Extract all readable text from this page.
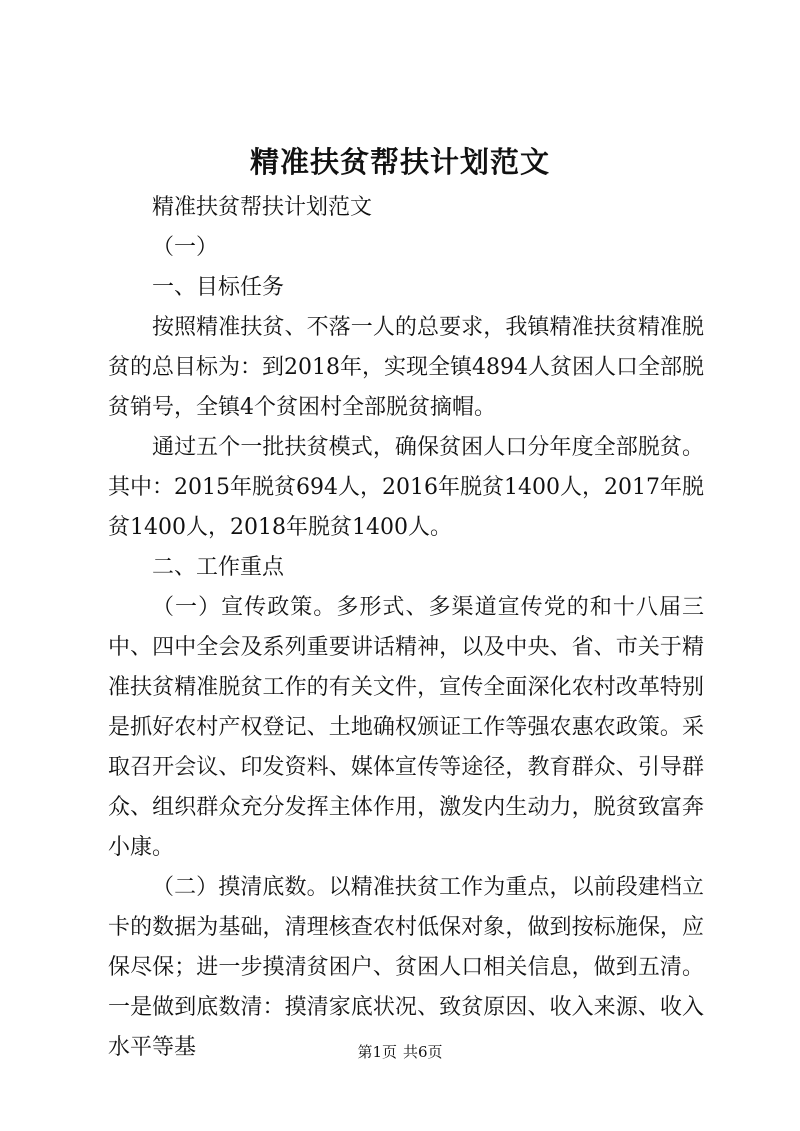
精准扶贫帮扶计划范文

精准扶贫帮扶计划范文

（一）

一、目标任务

按照精准扶贫、不落一人的总要求，我镇精准扶贫精准脱贫的总目标为：到2018年，实现全镇4894人贫困人口全部脱贫销号，全镇4个贫困村全部脱贫摘帽。

通过五个一批扶贫模式，确保贫困人口分年度全部脱贫。其中：2015年脱贫694人，2016年脱贫1400人，2017年脱贫1400人，2018年脱贫1400人。

二、工作重点

（一）宣传政策。多形式、多渠道宣传党的和十八届三中、四中全会及系列重要讲话精神，以及中央、省、市关于精准扶贫精准脱贫工作的有关文件，宣传全面深化农村改革特别是抓好农村产权登记、土地确权颁证工作等强农惠农政策。采取召开会议、印发资料、媒体宣传等途径，教育群众、引导群众、组织群众充分发挥主体作用，激发内生动力，脱贫致富奔小康。

（二）摸清底数。以精准扶贫工作为重点，以前段建档立卡的数据为基础，清理核查农村低保对象，做到按标施保，应保尽保；进一步摸清贫困户、贫困人口相关信息，做到五清。一是做到底数清：摸清家底状况、致贫原因、收入来源、收入水平等基	第1页 共6页
